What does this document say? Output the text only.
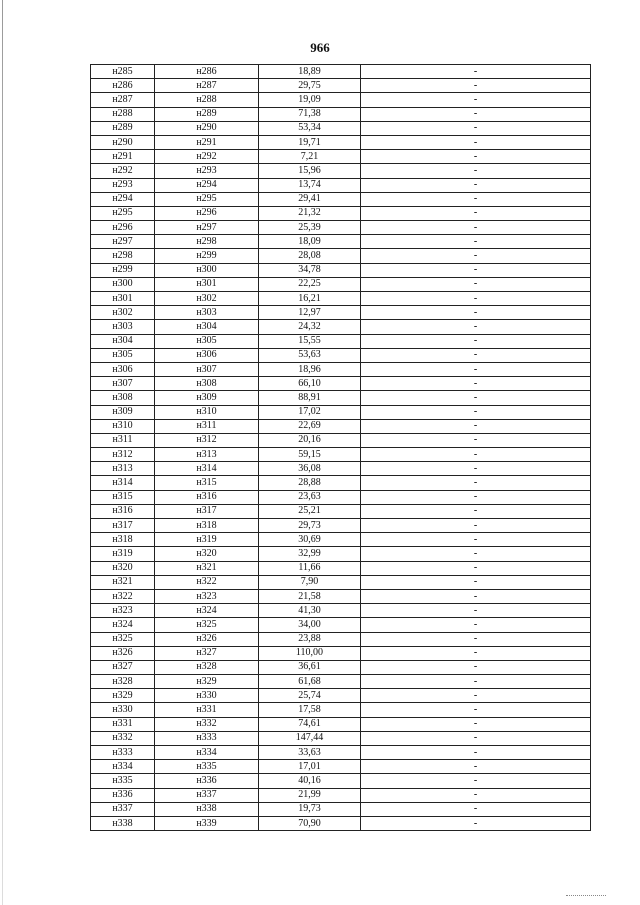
966
н285	н286	18,89	-
н286	н287	29,75	-
н287	н288	19,09	-
н288	н289	71,38	-
н289	н290	53,34	-
н290	н291	19,71	-
н291	н292	7,21	-
н292	н293	15,96	-
н293	н294	13,74	-
н294	н295	29,41	-
н295	н296	21,32	-
н296	н297	25,39	-
н297	н298	18,09	-
н298	н299	28,08	-
н299	н300	34,78	-
н300	н301	22,25	-
н301	н302	16,21	-
н302	н303	12,97	-
н303	н304	24,32	-
н304	н305	15,55	-
н305	н306	53,63	-
н306	н307	18,96	-
н307	н308	66,10	-
н308	н309	88,91	-
н309	н310	17,02	-
н310	н311	22,69	-
н311	н312	20,16	-
н312	н313	59,15	-
н313	н314	36,08	-
н314	н315	28,88	-
н315	н316	23,63	-
н316	н317	25,21	-
н317	н318	29,73	-
н318	н319	30,69	-
н319	н320	32,99	-
н320	н321	11,66	-
н321	н322	7,90	-
н322	н323	21,58	-
н323	н324	41,30	-
н324	н325	34,00	-
н325	н326	23,88	-
н326	н327	110,00	-
н327	н328	36,61	-
н328	н329	61,68	-
н329	н330	25,74	-
н330	н331	17,58	-
н331	н332	74,61	-
н332	н333	147,44	-
н333	н334	33,63	-
н334	н335	17,01	-
н335	н336	40,16	-
н336	н337	21,99	-
н337	н338	19,73	-
н338	н339	70,90	-
